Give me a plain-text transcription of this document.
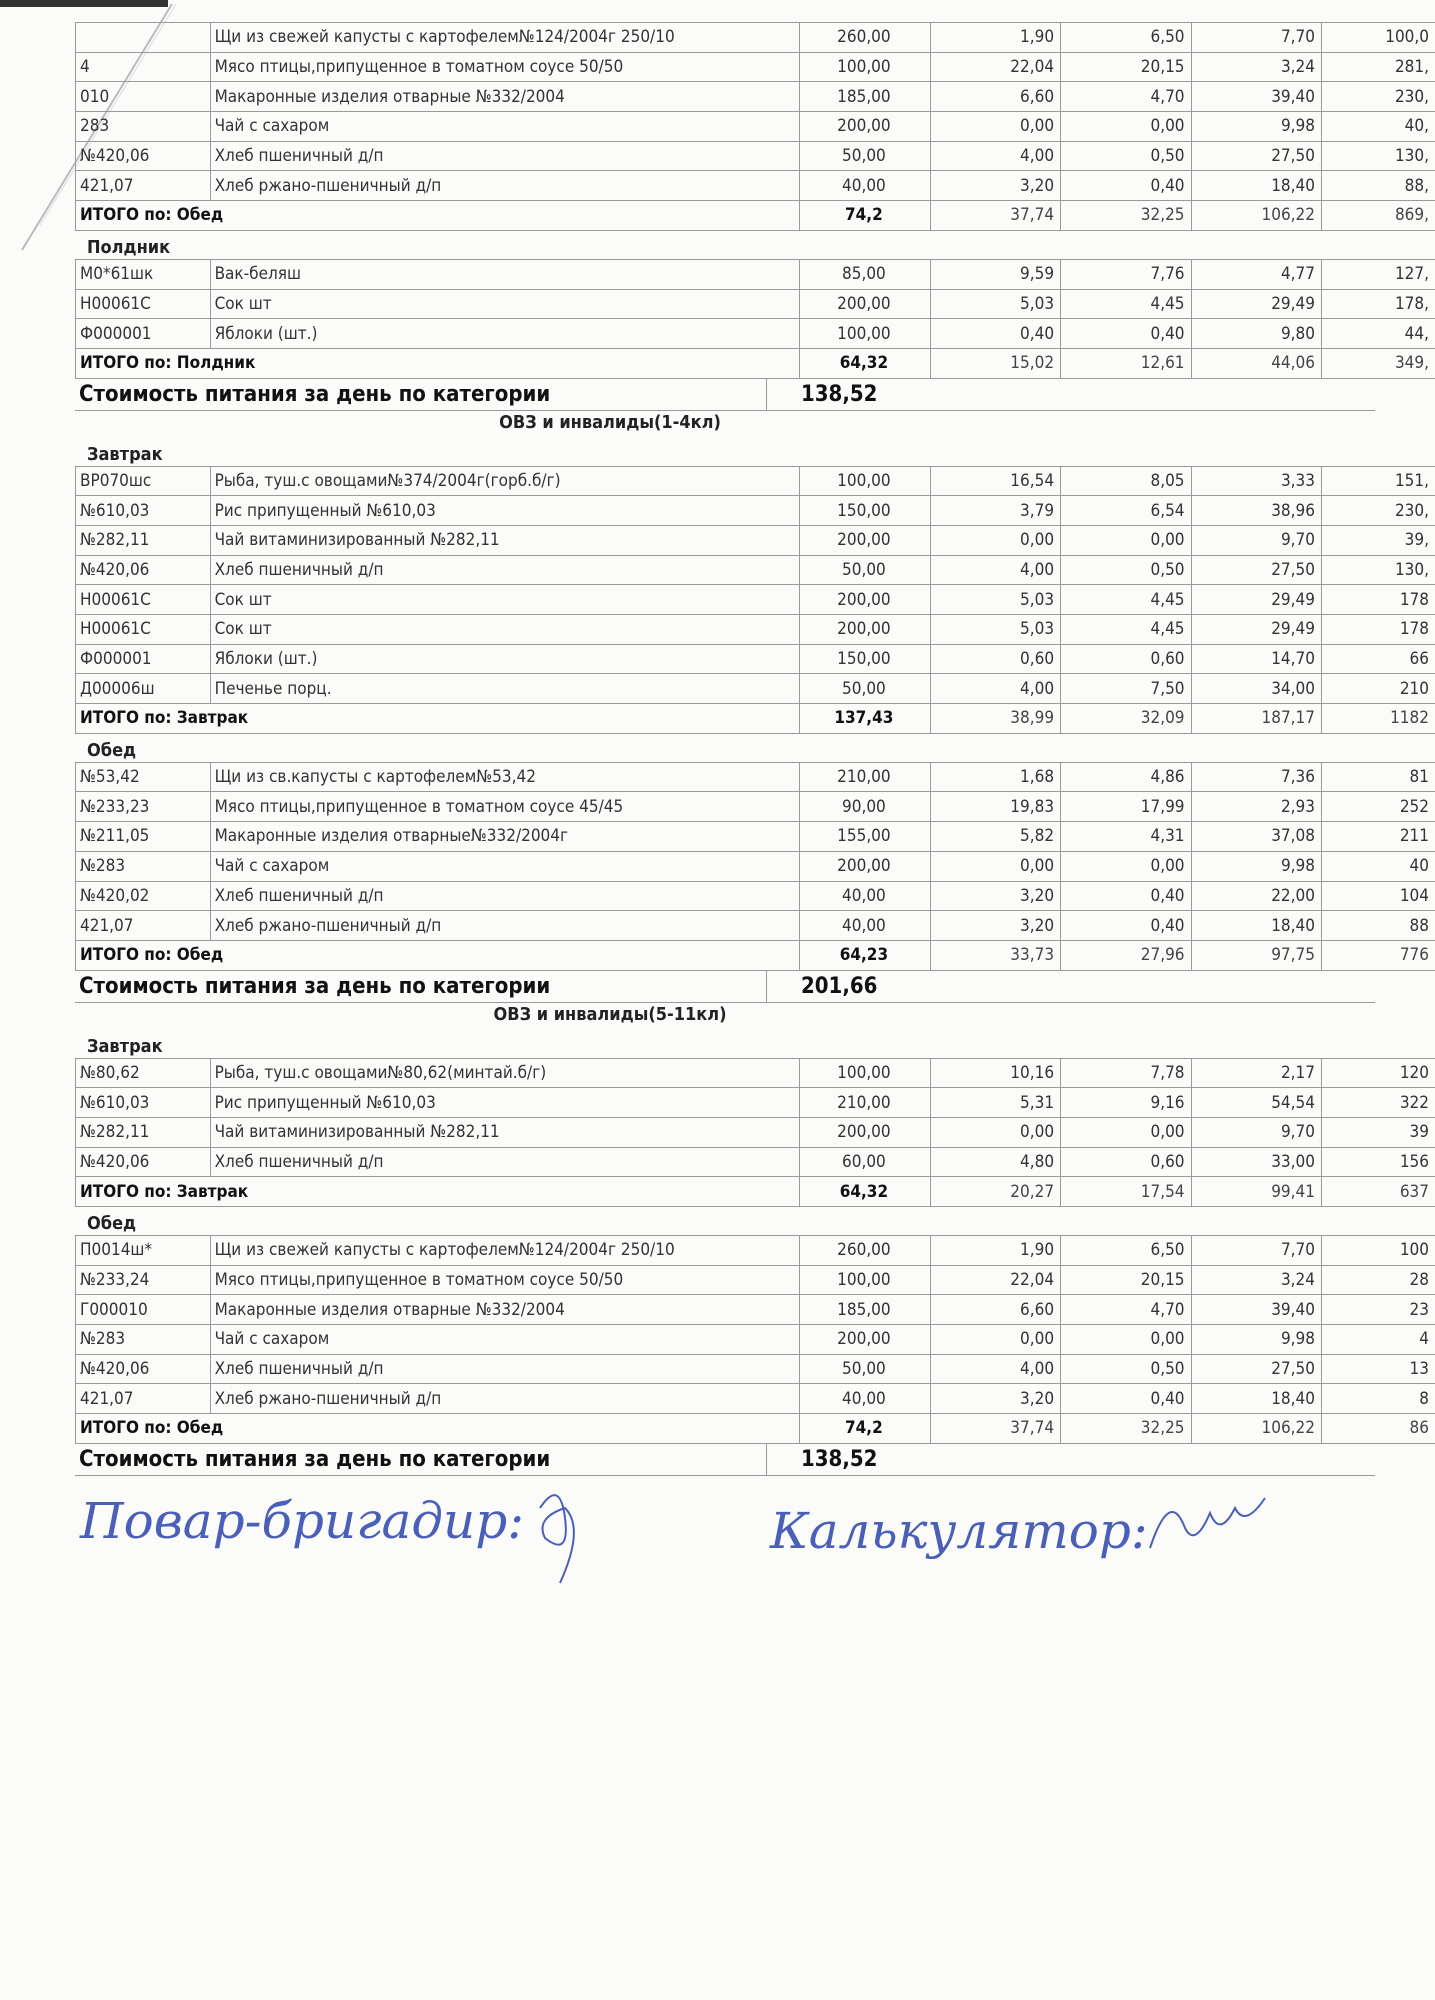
	Щи из свежей капусты с картофелем№124/2004г 250/10	260,00	1,90	6,50	7,70	100,0
4	Мясо птицы,припущенное в томатном соусе 50/50	100,00	22,04	20,15	3,24	281,
010	Макаронные изделия отварные №332/2004	185,00	6,60	4,70	39,40	230,
283	Чай с сахаром	200,00	0,00	0,00	9,98	40,
№420,06	Хлеб пшеничный д/п	50,00	4,00	0,50	27,50	130,
421,07	Хлеб ржано-пшеничный д/п	40,00	3,20	0,40	18,40	88,
ИТОГО по: Обед		74,2	37,74	32,25	106,22	869,
Полдник
М0*61шк	Вак-беляш	85,00	9,59	7,76	4,77	127,
Н00061С	Сок шт	200,00	5,03	4,45	29,49	178,
Ф000001	Яблоки (шт.)	100,00	0,40	0,40	9,80	44,
ИТОГО по: Полдник		64,32	15,02	12,61	44,06	349,
Стоимость питания за день по категории	138,52
ОВЗ и инвалиды(1-4кл)
Завтрак
ВР070шс	Рыба, туш.с овощами№374/2004г(горб.б/г)	100,00	16,54	8,05	3,33	151,
№610,03	Рис припущенный №610,03	150,00	3,79	6,54	38,96	230,
№282,11	Чай витаминизированный №282,11	200,00	0,00	0,00	9,70	39,
№420,06	Хлеб пшеничный д/п	50,00	4,00	0,50	27,50	130,
Н00061С	Сок шт	200,00	5,03	4,45	29,49	178
Н00061С	Сок шт	200,00	5,03	4,45	29,49	178
Ф000001	Яблоки (шт.)	150,00	0,60	0,60	14,70	66
Д00006ш	Печенье порц.	50,00	4,00	7,50	34,00	210
ИТОГО по: Завтрак		137,43	38,99	32,09	187,17	1182
Обед
№53,42	Щи из св.капусты с картофелем№53,42	210,00	1,68	4,86	7,36	81
№233,23	Мясо птицы,припущенное в томатном соусе 45/45	90,00	19,83	17,99	2,93	252
№211,05	Макаронные изделия отварные№332/2004г	155,00	5,82	4,31	37,08	211
№283	Чай с сахаром	200,00	0,00	0,00	9,98	40
№420,02	Хлеб пшеничный д/п	40,00	3,20	0,40	22,00	104
421,07	Хлеб ржано-пшеничный д/п	40,00	3,20	0,40	18,40	88
ИТОГО по: Обед		64,23	33,73	27,96	97,75	776
Стоимость питания за день по категории	201,66
ОВЗ и инвалиды(5-11кл)
Завтрак
№80,62	Рыба, туш.с овощами№80,62(минтай.б/г)	100,00	10,16	7,78	2,17	120
№610,03	Рис припущенный №610,03	210,00	5,31	9,16	54,54	322
№282,11	Чай витаминизированный №282,11	200,00	0,00	0,00	9,70	39
№420,06	Хлеб пшеничный д/п	60,00	4,80	0,60	33,00	156
ИТОГО по: Завтрак		64,32	20,27	17,54	99,41	637
Обед
П0014ш*	Щи из свежей капусты с картофелем№124/2004г 250/10	260,00	1,90	6,50	7,70	100
№233,24	Мясо птицы,припущенное в томатном соусе 50/50	100,00	22,04	20,15	3,24	28
Г000010	Макаронные изделия отварные №332/2004	185,00	6,60	4,70	39,40	23
№283	Чай с сахаром	200,00	0,00	0,00	9,98	4
№420,06	Хлеб пшеничный д/п	50,00	4,00	0,50	27,50	13
421,07	Хлеб ржано-пшеничный д/п	40,00	3,20	0,40	18,40	8
ИТОГО по: Обед		74,2	37,74	32,25	106,22	86
Стоимость питания за день по категории	138,52
Повар-бригадир:	Калькулятор:
